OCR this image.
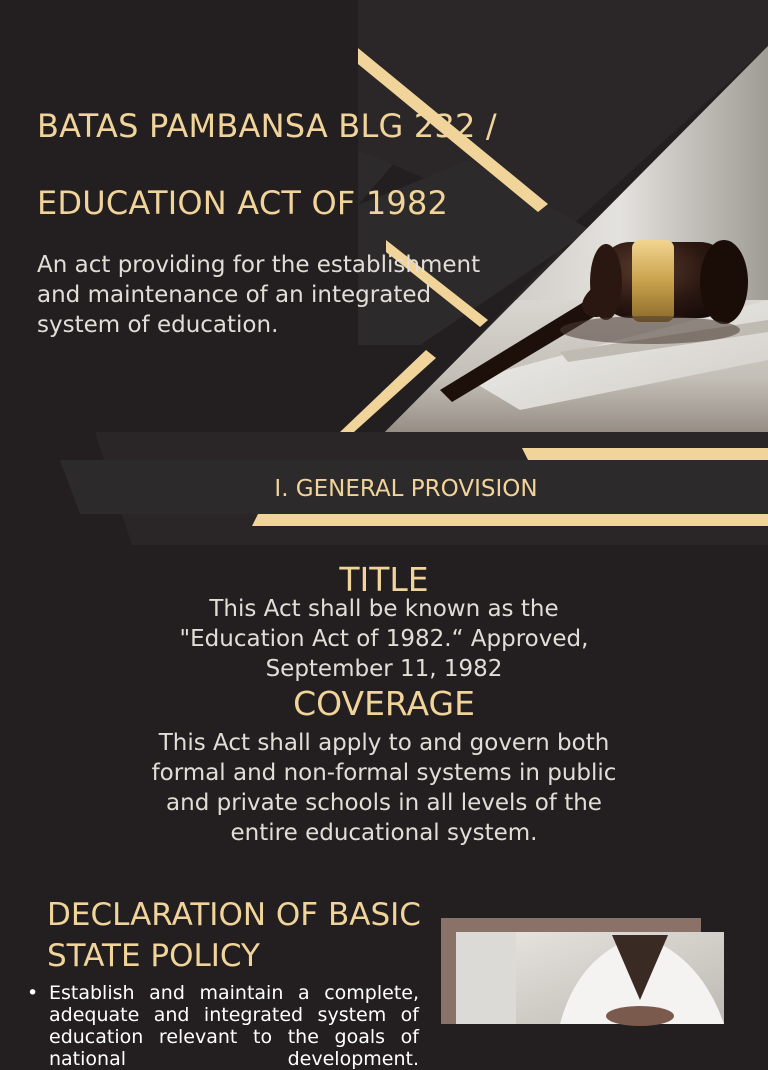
BATAS PAMBANSA BLG 232 / EDUCATION ACT OF 1982
An act providing for the establishment and maintenance of an integrated system of education.
I. GENERAL PROVISION
TITLE
This Act shall be known as the "Education Act of 1982.“ Approved, September 11, 1982
COVERAGE
This Act shall apply to and govern both formal and non-formal systems in public and private schools in all levels of the entire educational system.
DECLARATION OF BASIC STATE POLICY
• Establish and maintain a complete, adequate and integrated system of education relevant to the goals of national development.
